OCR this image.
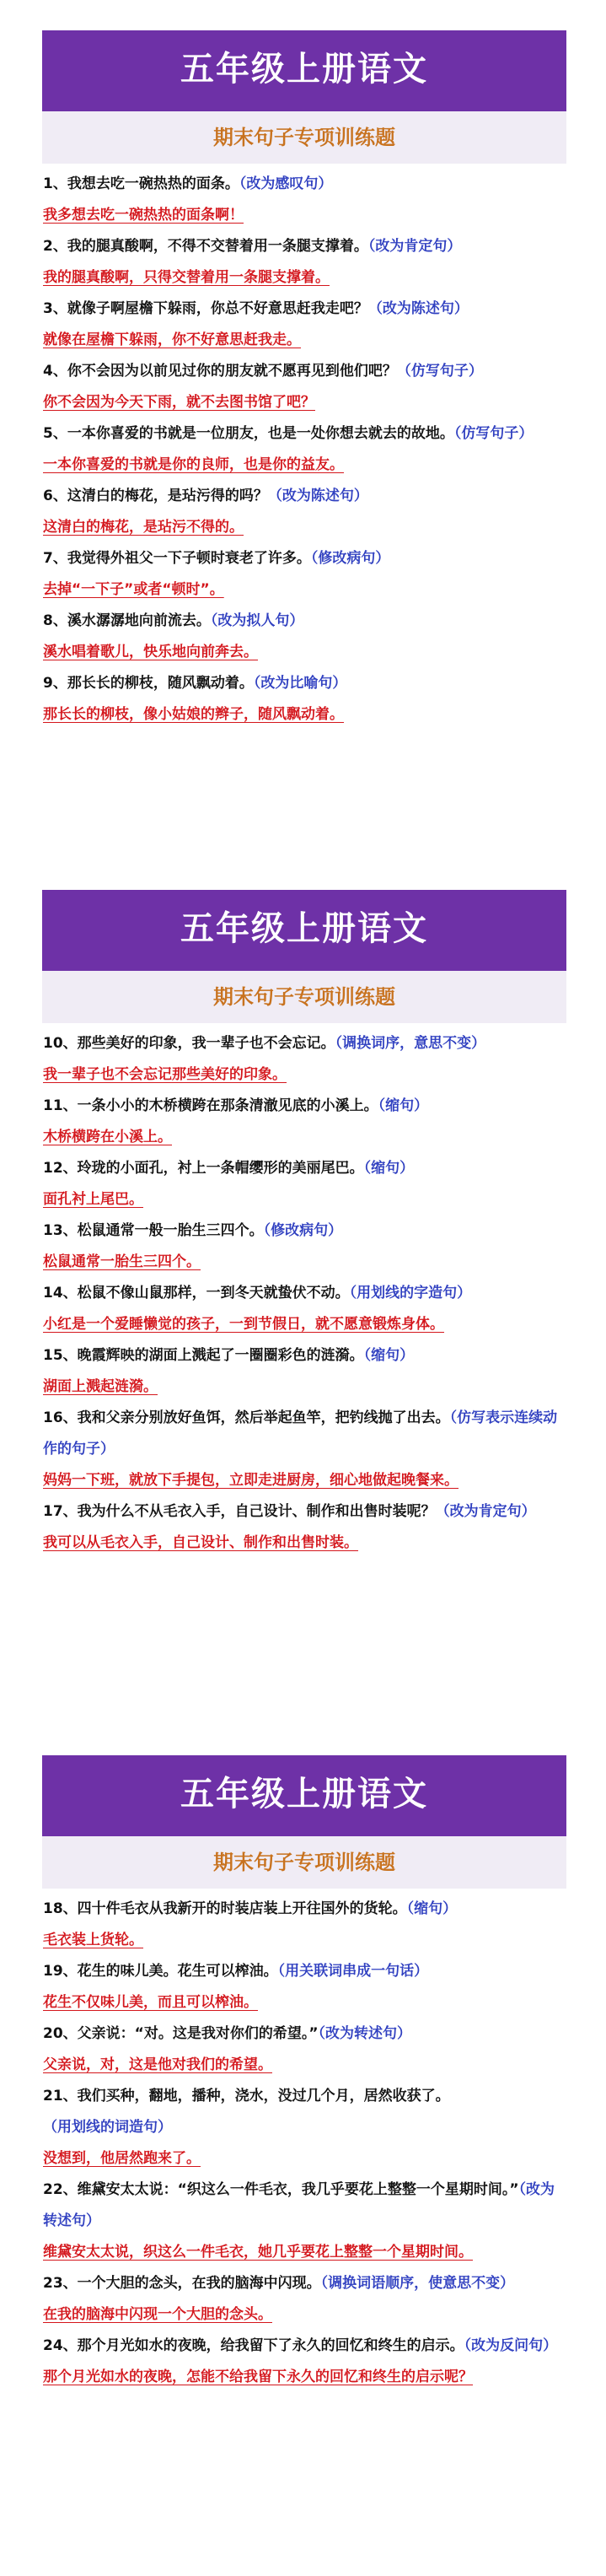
五年级上册语文
期末句子专项训练题
1、我想去吃一碗热热的面条。（改为感叹句）
我多想去吃一碗热热的面条啊！
2、我的腿真酸啊，不得不交替着用一条腿支撑着。（改为肯定句）
我的腿真酸啊，只得交替着用一条腿支撑着。
3、就像子啊屋檐下躲雨，你总不好意思赶我走吧？（改为陈述句）
就像在屋檐下躲雨，你不好意思赶我走。
4、你不会因为以前见过你的朋友就不愿再见到他们吧？（仿写句子）
你不会因为今天下雨，就不去图书馆了吧？
5、一本你喜爱的书就是一位朋友，也是一处你想去就去的故地。（仿写句子）
一本你喜爱的书就是你的良师，也是你的益友。
6、这清白的梅花，是玷污得的吗？（改为陈述句）
这清白的梅花，是玷污不得的。
7、我觉得外祖父一下子顿时衰老了许多。（修改病句）
去掉“一下子”或者“顿时”。
8、溪水潺潺地向前流去。（改为拟人句）
溪水唱着歌儿，快乐地向前奔去。
9、那长长的柳枝，随风飘动着。（改为比喻句）
那长长的柳枝，像小姑娘的辫子，随风飘动着。
五年级上册语文
期末句子专项训练题
10、那些美好的印象，我一辈子也不会忘记。（调换词序，意思不变）
我一辈子也不会忘记那些美好的印象。
11、一条小小的木桥横跨在那条清澈见底的小溪上。（缩句）
木桥横跨在小溪上。
12、玲珑的小面孔，衬上一条帽缨形的美丽尾巴。（缩句）
面孔衬上尾巴。
13、松鼠通常一般一胎生三四个。（修改病句）
松鼠通常一胎生三四个。
14、松鼠不像山鼠那样，一到冬天就蛰伏不动。（用划线的字造句）
小红是一个爱睡懒觉的孩子，一到节假日，就不愿意锻炼身体。
15、晚霞辉映的湖面上溅起了一圈圈彩色的涟漪。（缩句）
湖面上溅起涟漪。
16、我和父亲分别放好鱼饵，然后举起鱼竿，把钓线抛了出去。（仿写表示连续动作的句子）
妈妈一下班，就放下手提包，立即走进厨房，细心地做起晚餐来。
17、我为什么不从毛衣入手，自己设计、制作和出售时装呢？（改为肯定句）
我可以从毛衣入手，自己设计、制作和出售时装。
五年级上册语文
期末句子专项训练题
18、四十件毛衣从我新开的时装店装上开往国外的货轮。（缩句）
毛衣装上货轮。
19、花生的味儿美。花生可以榨油。（用关联词串成一句话）
花生不仅味儿美，而且可以榨油。
20、父亲说：“对。这是我对你们的希望。”（改为转述句）
父亲说，对，这是他对我们的希望。
21、我们买种，翻地，播种，浇水，没过几个月，居然收获了。（用划线的词造句）
没想到，他居然跑来了。
22、维黛安太太说：“织这么一件毛衣，我几乎要花上整整一个星期时间。”（改为转述句）
维黛安太太说，织这么一件毛衣，她几乎要花上整整一个星期时间。
23、一个大胆的念头，在我的脑海中闪现。（调换词语顺序，使意思不变）
在我的脑海中闪现一个大胆的念头。
24、那个月光如水的夜晚，给我留下了永久的回忆和终生的启示。（改为反问句）
那个月光如水的夜晚，怎能不给我留下永久的回忆和终生的启示呢？
